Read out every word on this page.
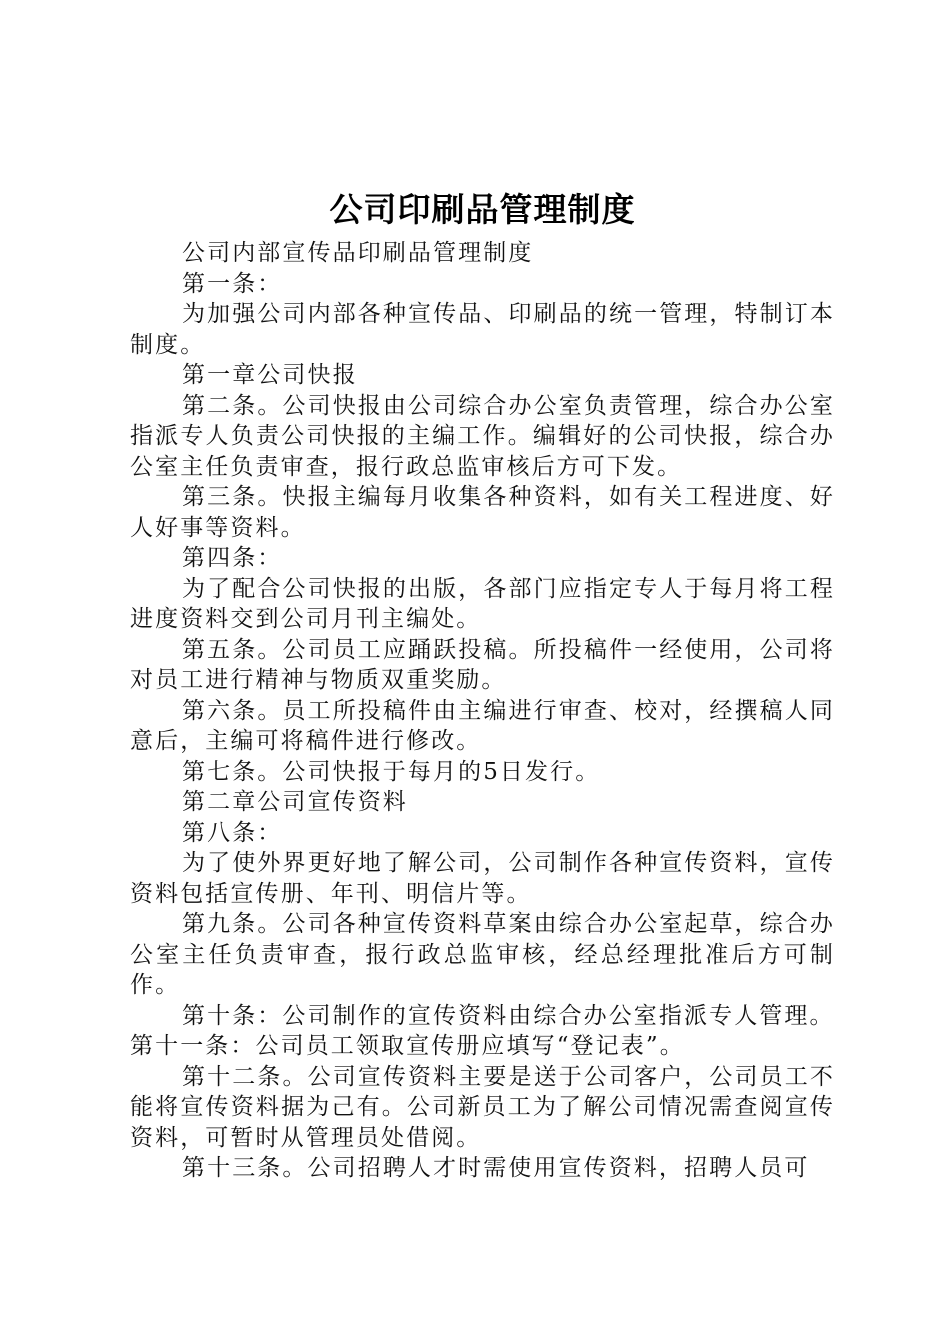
公司印刷品管理制度

公司内部宣传品印刷品管理制度

第一条：

为加强公司内部各种宣传品、印刷品的统一管理，特制订本制度。

第一章公司快报

第二条。公司快报由公司综合办公室负责管理，综合办公室指派专人负责公司快报的主编工作。编辑好的公司快报，综合办公室主任负责审查，报行政总监审核后方可下发。

第三条。快报主编每月收集各种资料，如有关工程进度、好人好事等资料。

第四条：

为了配合公司快报的出版，各部门应指定专人于每月将工程进度资料交到公司月刊主编处。

第五条。公司员工应踊跃投稿。所投稿件一经使用，公司将对员工进行精神与物质双重奖励。

第六条。员工所投稿件由主编进行审查、校对，经撰稿人同意后，主编可将稿件进行修改。

第七条。公司快报于每月的5日发行。

第二章公司宣传资料

第八条：

为了使外界更好地了解公司，公司制作各种宣传资料，宣传资料包括宣传册、年刊、明信片等。

第九条。公司各种宣传资料草案由综合办公室起草，综合办公室主任负责审查，报行政总监审核，经总经理批准后方可制作。

第十条：公司制作的宣传资料由综合办公室指派专人管理。

第十一条：公司员工领取宣传册应填写“登记表”。

第十二条。公司宣传资料主要是送于公司客户，公司员工不能将宣传资料据为己有。公司新员工为了解公司情况需查阅宣传资料，可暂时从管理员处借阅。

第十三条。公司招聘人才时需使用宣传资料，招聘人员可
